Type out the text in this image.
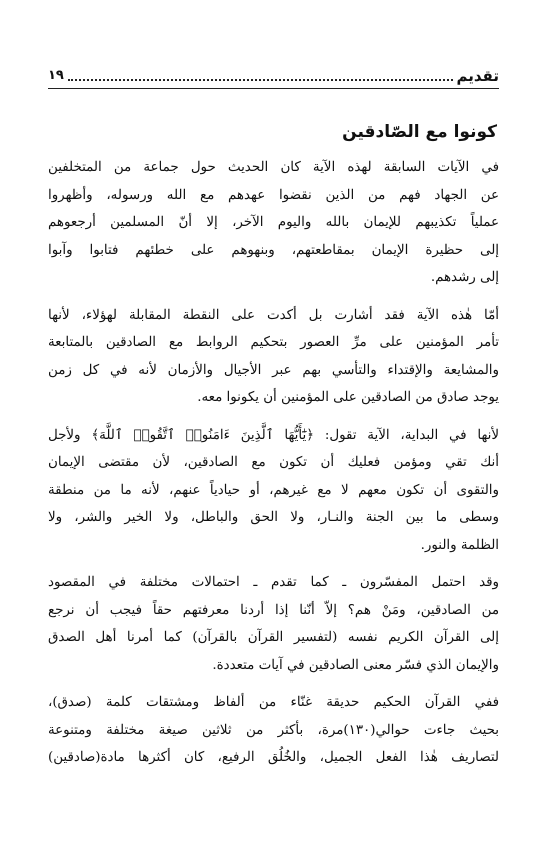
تقديم
١٩
كونوا مع الصّادقين
في الآيات السابقة لهذه الآية كان الحديث حول جماعة من المتخلفين
عن الجهاد فهم من الذين نقضوا عهدهم مع الله ورسوله، وأظهروا
عملياً تكذيبهم للإيمان بالله واليوم الآخر، إلا أنّ المسلمين أرجعوهم
إلى حظيرة الإيمان بمقاطعتهم، وبنهوهم على خطئهم فتابوا وآبوا
إلى رشدهم.
أمّا هٰذه الآية فقد أشارت بل أكدت على النقطة المقابلة لهؤلاء، لأنها
تأمر المؤمنين على مرِّ العصور بتحكيم الروابط مع الصادقين بالمتابعة
والمشايعة والإقتداء والتأسي بهم عبر الأجيال والأزمان لأنه في كل زمن
يوجد صادق من الصادقين على المؤمنين أن يكونوا معه.
لأنها في البداية، الآية تقول: ﴿يَٰٓأَيُّهَا ٱلَّذِينَ ءَامَنُوا۟ ٱتَّقُوا۟ ٱللَّهَ﴾ ولأجل
أنك تقي ومؤمن فعليك أن تكون مع الصادقين، لأن مقتضى الإيمان
والتقوى أن تكون معهم لا مع غيرهم، أو حيادياً عنهم، لأنه ما من منطقة
وسطى ما بين الجنة والنـار، ولا الحق والباطل، ولا الخير والشر، ولا
الظلمة والنور.
وقد احتمل المفسّرون ـ كما تقدم ـ احتمالات مختلفة في المقصود
من الصادقين، ومَنْ هم؟ إلاّ أنّنا إذا أردنا معرفتهم حقاً فيجب أن نرجع
إلى القرآن الكريم نفسه (لتفسير القرآن بالقرآن) كما أمرنا أهل الصدق
والإيمان الذي فسّر معنى الصادقين في آيات متعددة.
ففي القرآن الحكيم حديقة غنّاء من ألفاظ ومشتقات كلمة (صدق)،
بحيث جاءت حوالي(١٣٠)مرة، بأكثر من ثلاثين صيغة مختلفة ومتنوعة
لتصاريف هٰذا الفعل الجميل، والخُلُق الرفيع، كان أكثرها مادة(صادقين)
